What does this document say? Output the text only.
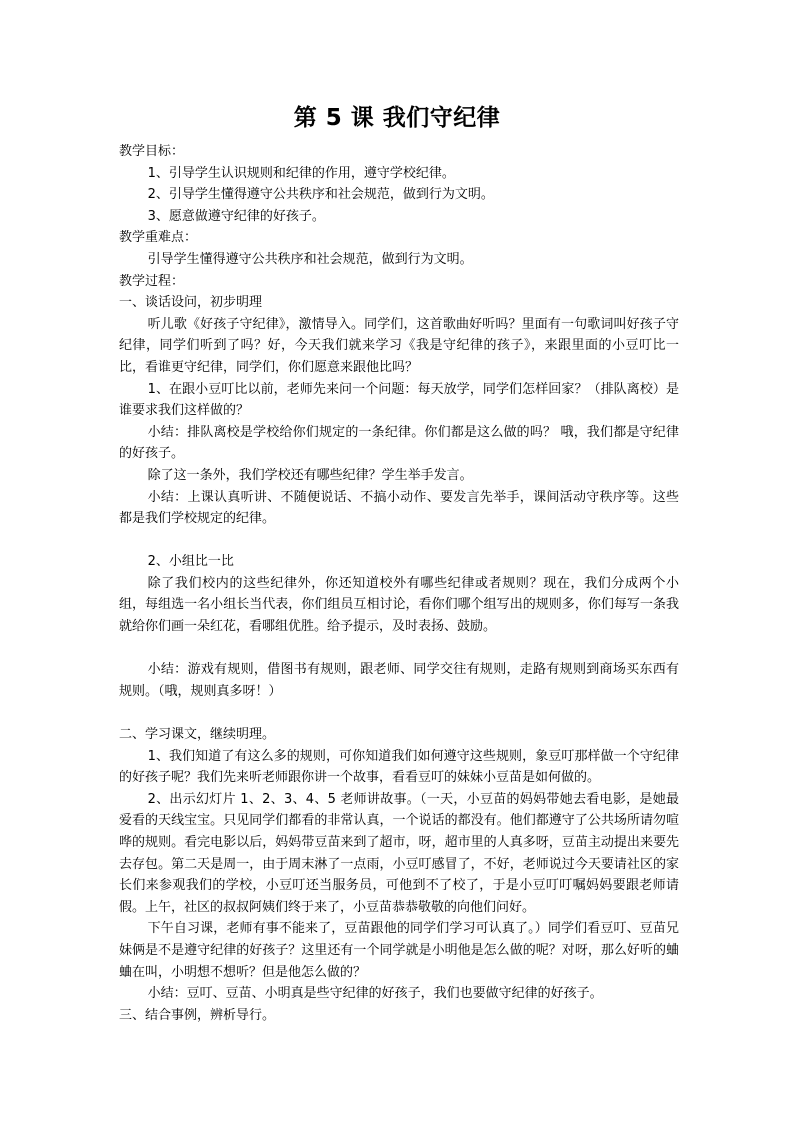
第 5 课 我们守纪律

教学目标：

1、引导学生认识规则和纪律的作用，遵守学校纪律。

2、引导学生懂得遵守公共秩序和社会规范，做到行为文明。

3、愿意做遵守纪律的好孩子。

教学重难点：

引导学生懂得遵守公共秩序和社会规范，做到行为文明。

教学过程：

一、谈话设问，初步明理

听儿歌《好孩子守纪律》，激情导入。同学们，这首歌曲好听吗？里面有一句歌词叫好孩子守纪律，同学们听到了吗？好，今天我们就来学习《我是守纪律的孩子》，来跟里面的小豆叮比一比，看谁更守纪律，同学们，你们愿意来跟他比吗？

1、在跟小豆叮比以前，老师先来问一个问题：每天放学，同学们怎样回家？（排队离校）是谁要求我们这样做的？

小结：排队离校是学校给你们规定的一条纪律。你们都是这么做的吗？ 哦，我们都是守纪律的好孩子。

除了这一条外，我们学校还有哪些纪律？学生举手发言。

小结：上课认真听讲、不随便说话、不搞小动作、要发言先举手，课间活动守秩序等。这些都是我们学校规定的纪律。

2、小组比一比

除了我们校内的这些纪律外，你还知道校外有哪些纪律或者规则？现在，我们分成两个小组，每组选一名小组长当代表，你们组员互相讨论，看你们哪个组写出的规则多，你们每写一条我就给你们画一朵红花，看哪组优胜。给予提示，及时表扬、鼓励。

小结：游戏有规则，借图书有规则，跟老师、同学交往有规则，走路有规则到商场买东西有规则。（哦，规则真多呀！）

二、学习课文，继续明理。

1、我们知道了有这么多的规则，可你知道我们如何遵守这些规则，象豆叮那样做一个守纪律的好孩子呢？我们先来听老师跟你讲一个故事，看看豆叮的妹妹小豆苗是如何做的。

2、出示幻灯片 1、2、3、4、5 老师讲故事。（一天，小豆苗的妈妈带她去看电影，是她最爱看的天线宝宝。只见同学们都看的非常认真，一个说话的都没有。他们都遵守了公共场所请勿喧哗的规则。看完电影以后，妈妈带豆苗来到了超市，呀，超市里的人真多呀，豆苗主动提出来要先去存包。第二天是周一，由于周末淋了一点雨，小豆叮感冒了，不好，老师说过今天要请社区的家长们来参观我们的学校，小豆叮还当服务员，可他到不了校了，于是小豆叮叮嘱妈妈要跟老师请假。上午，社区的叔叔阿姨们终于来了，小豆苗恭恭敬敬的向他们问好。

下午自习课，老师有事不能来了，豆苗跟他的同学们学习可认真了。）同学们看豆叮、豆苗兄妹俩是不是遵守纪律的好孩子？这里还有一个同学就是小明他是怎么做的呢？对呀，那么好听的蛐蛐在叫，小明想不想听？但是他怎么做的？

小结：豆叮、豆苗、小明真是些守纪律的好孩子，我们也要做守纪律的好孩子。

三、结合事例，辨析导行。
